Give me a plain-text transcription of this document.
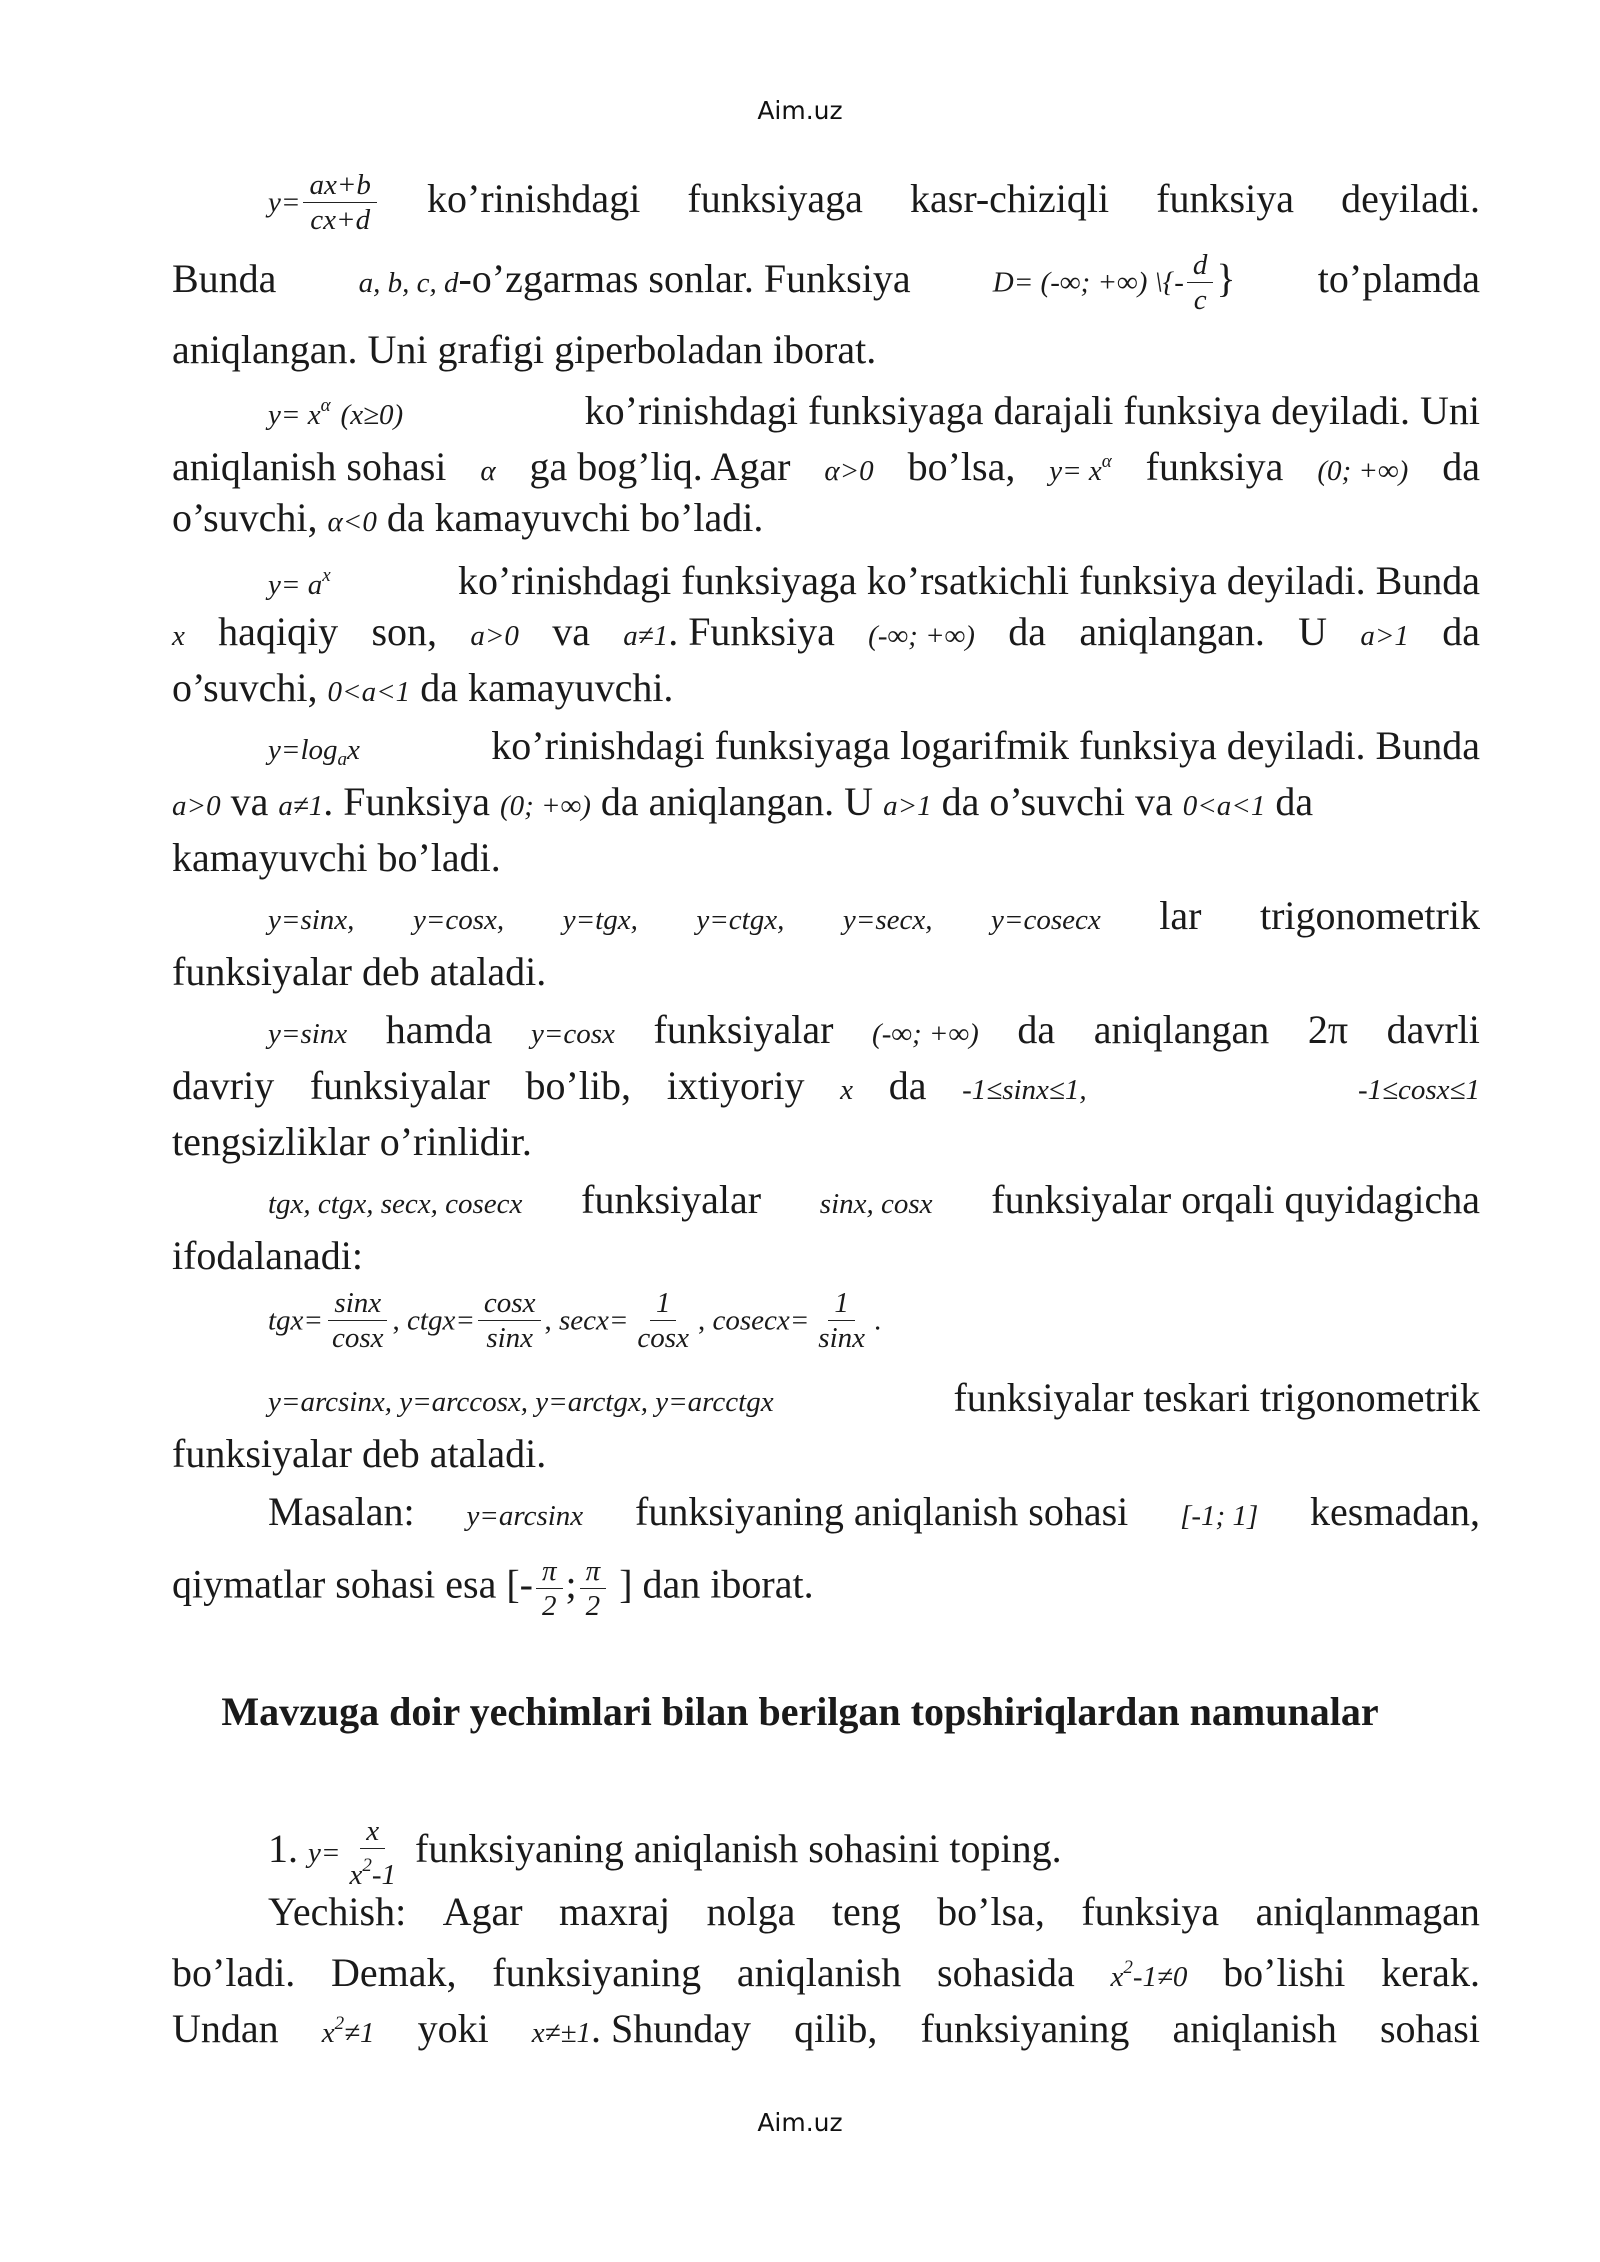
Aim.uz
$y= \frac{ax+b}{cx+d}$ ko’rinishdagi funksiyaga kasr-chiziqli funksiya deyiladi.
Bunda	a, b, c, d-o’zgarmas sonlar. Funksiya	D= (-∞; +∞) \{- $\frac{d}{c}$ } to’plamda
aniqlangan. Uni grafigi giperboladan iborat.
$y= x^\alpha$ (x≥0)	ko’rinishdagi funksiyaga darajali funksiya deyiladi. Uni
aniqlanish sohasi α ga bog’liq. Agar α>0 bo’lsa, $y= x^\alpha$ funksiya (0; +∞) da
o’suvchi, α<0 da kamayuvchi bo’ladi.
$y= a^x$	ko’rinishdagi funksiyaga ko’rsatkichli funksiya deyiladi. Bunda
x haqiqiy son, a>0 va a≠1. Funksiya (-∞; +∞) da aniqlangan. U a>1 da
o’suvchi, 0<a<1 da kamayuvchi.
$y=\log_ax$	ko’rinishdagi funksiyaga logarifmik funksiya deyiladi. Bunda
a>0 va a≠1. Funksiya (0; +∞) da aniqlangan. U a>1 da o’suvchi va 0<a<1 da
kamayuvchi bo’ladi.
y=sinx, y=cosx, y=tgx, y=ctgx, y=secx, y=cosecx lar trigonometrik
funksiyalar deb ataladi.
y=sinx hamda y=cosx funksiyalar (-∞; +∞) da aniqlangan 2π davrli
davriy funksiyalar bo’lib, ixtiyoriy x da -1≤sinx≤1,	-1≤cosx≤1
tengsizliklar o’rinlidir.
tgx, ctgx, secx, cosecx funksiyalar sinx, cosx funksiyalar orqali quyidagicha
ifodalanadi:
$tgx= \frac{\sin x}{\cos x}$ , ctgx= $\frac{\cos x}{\sin x}$ , $\sec x= \frac{1}{\cos x}$ , $cosecx= \frac{1}{\sin x}$ .
y=arcsinx, y=arccosx, y=arctgx, y=arcctgx	funksiyalar teskari trigonometrik
funksiyalar deb ataladi.
Masalan: y=arcsinx funksiyaning aniqlanish sohasi [-1; 1] kesmadan,
qiymatlar sohasi esa [- $\frac{\pi}{2}$ ; $\frac{\pi}{2}$ ] dan iborat.
Mavzuga doir yechimlari bilan berilgan topshiriqlardan namunalar
1. $y= \frac{x}{x^2-1}$ funksiyaning aniqlanish sohasini toping.
Yechish: Agar maxraj nolga teng bo’lsa, funksiya aniqlanmagan
bo’ladi. Demak, funksiyaning aniqlanish sohasida $x^2-1\ne 0$ bo’lishi kerak.
Undan $x^2\ne 1$ yoki x≠±1. Shunday qilib, funksiyaning aniqlanish sohasi
Aim.uz
